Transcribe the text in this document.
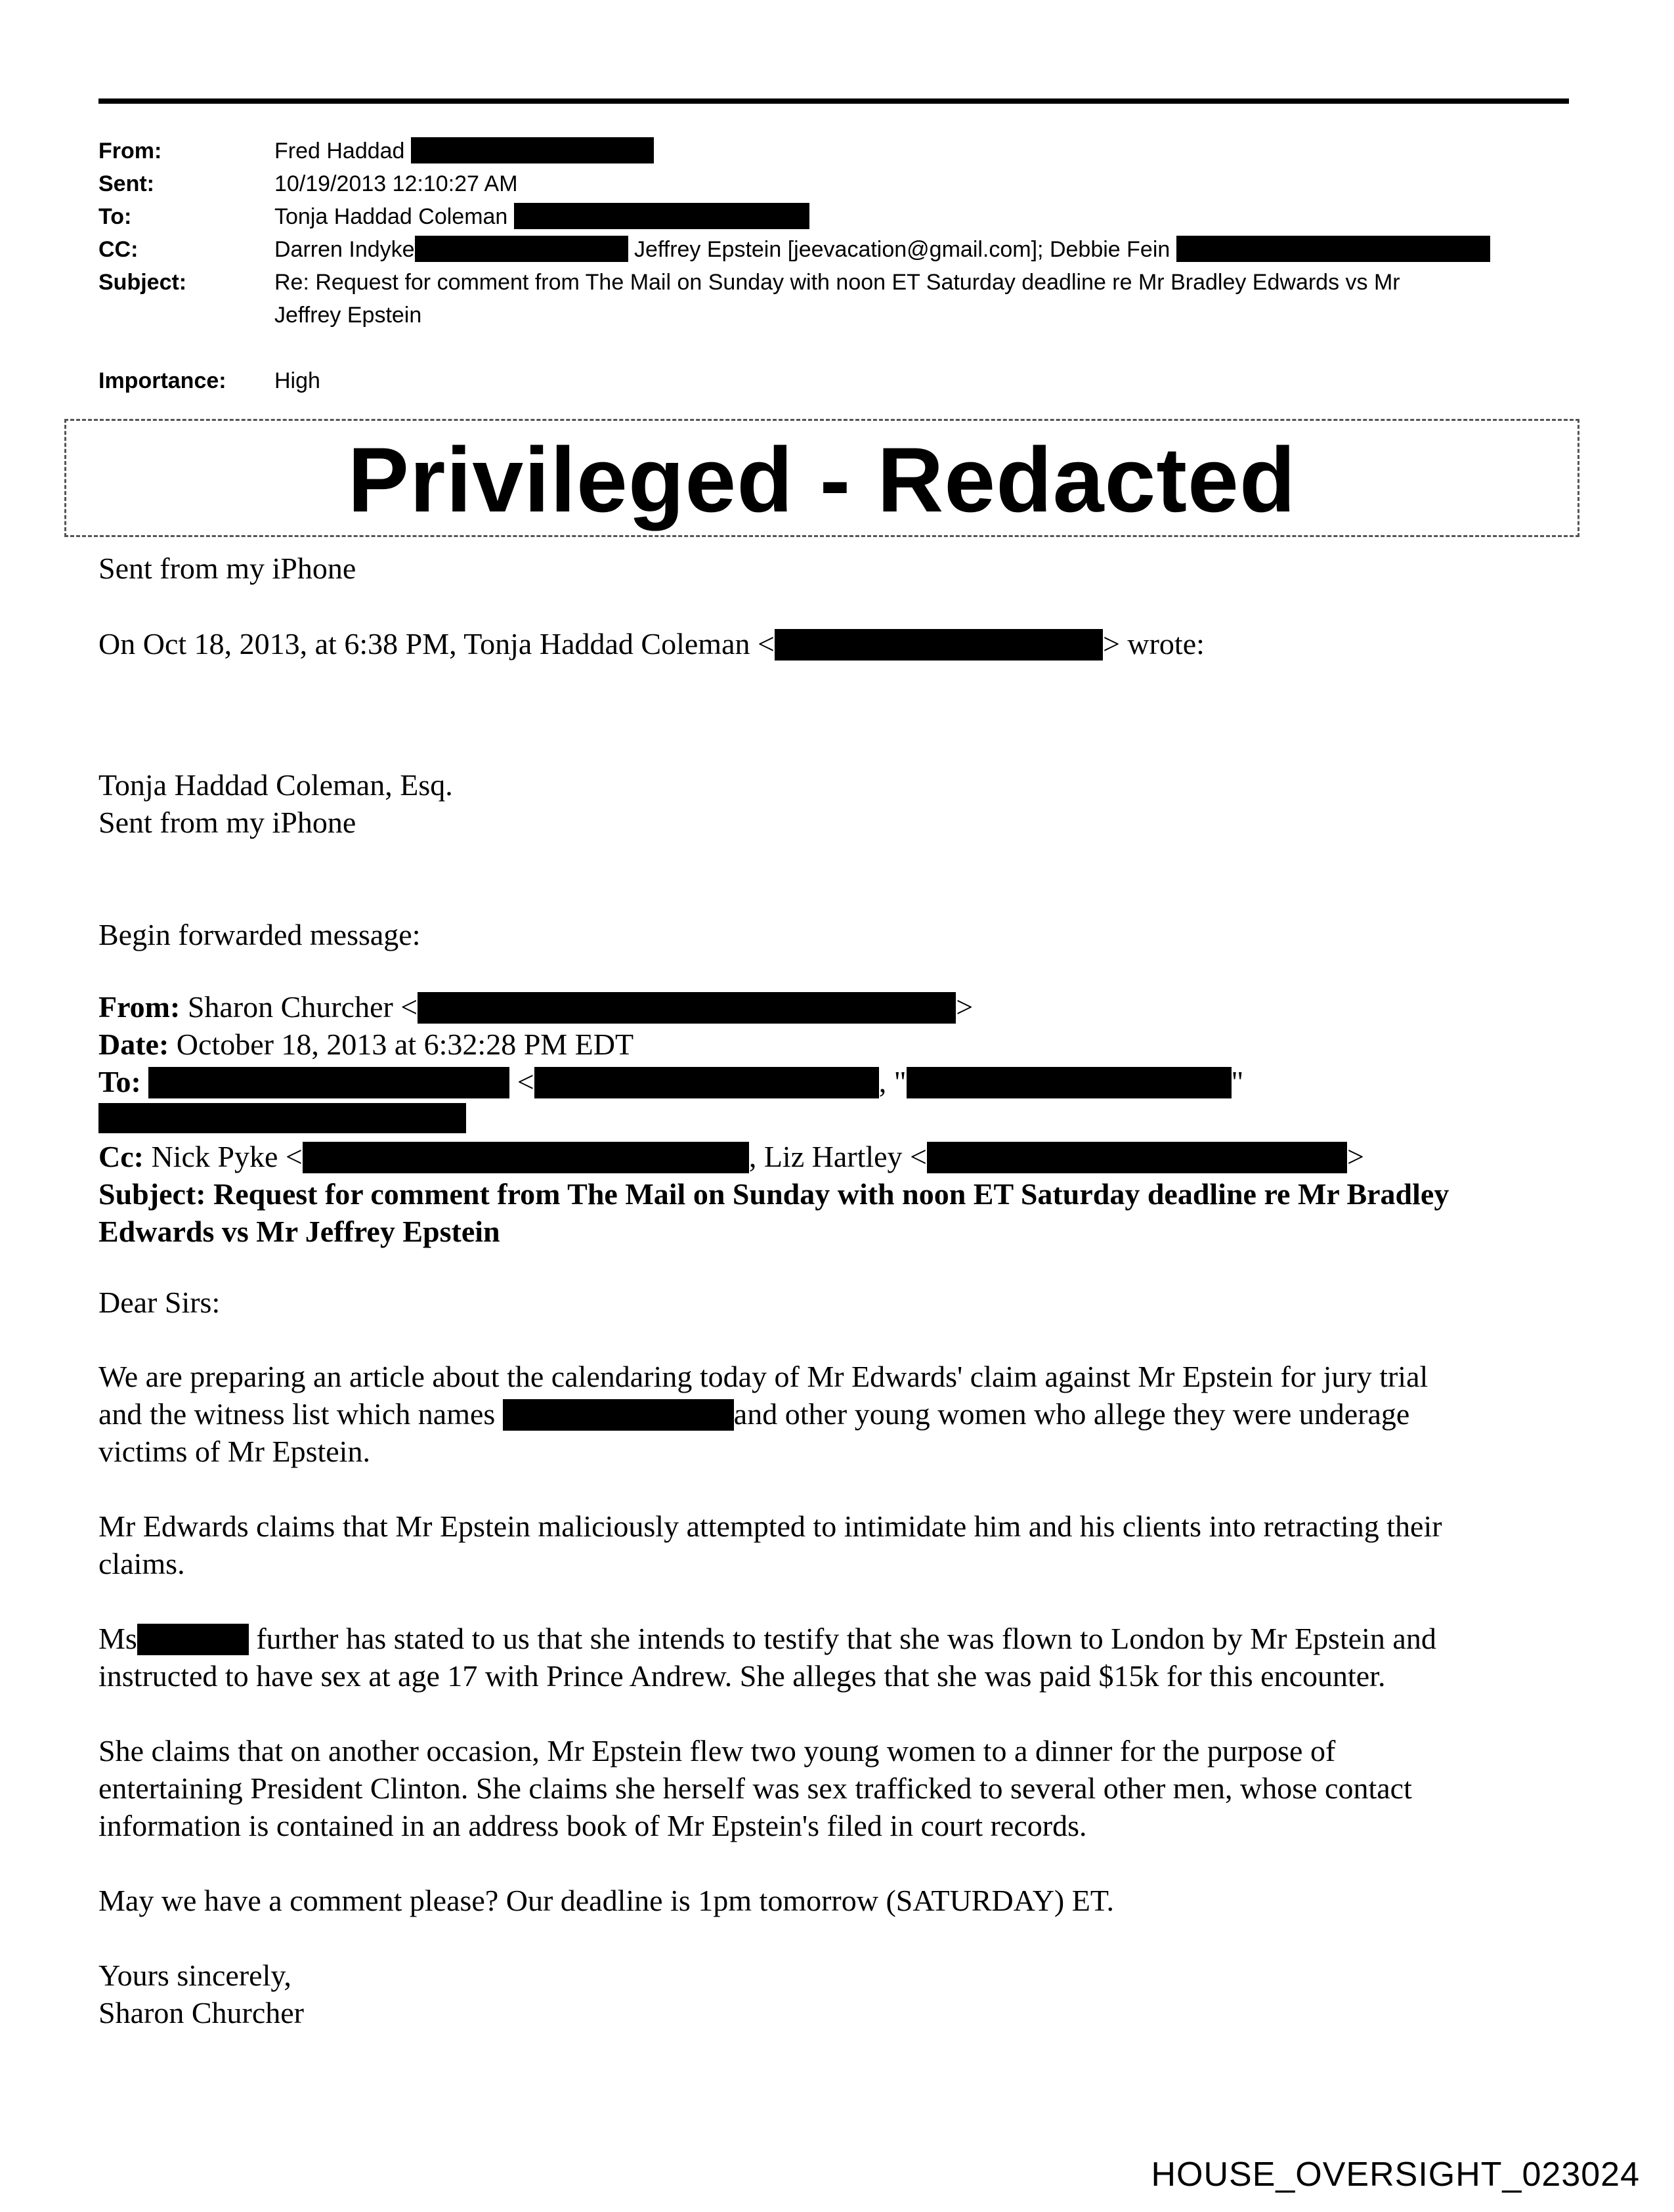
From:	Fred Haddad
Sent:	10/19/2013 12:10:27 AM
To:	Tonja Haddad Coleman
CC:	Darren Indyke	Jeffrey Epstein [jeevacation@gmail.com]; Debbie Fein
Subject:	Re: Request for comment from The Mail on Sunday with noon ET Saturday deadline re Mr Bradley Edwards vs Mr
Jeffrey Epstein
Importance: High
Privileged - Redacted
Sent from my iPhone
On Oct 18, 2013, at 6:38 PM, Tonja Haddad Coleman <	> wrote:
Tonja Haddad Coleman, Esq.
Sent from my iPhone
Begin forwarded message:
From: Sharon Churcher <	>
Date: October 18, 2013 at 6:32:28 PM EDT
To:	<	, "	"
Cc: Nick Pyke <	, Liz Hartley <	>
Subject: Request for comment from The Mail on Sunday with noon ET Saturday deadline re Mr Bradley
Edwards vs Mr Jeffrey Epstein
Dear Sirs:
We are preparing an article about the calendaring today of Mr Edwards' claim against Mr Epstein for jury trial
and the witness list which names	and other young women who allege they were underage
victims of Mr Epstein.
Mr Edwards claims that Mr Epstein maliciously attempted to intimidate him and his clients into retracting their
claims.
Ms	further has stated to us that she intends to testify that she was flown to London by Mr Epstein and
instructed to have sex at age 17 with Prince Andrew. She alleges that she was paid $15k for this encounter.
She claims that on another occasion, Mr Epstein flew two young women to a dinner for the purpose of
entertaining President Clinton. She claims she herself was sex trafficked to several other men, whose contact
information is contained in an address book of Mr Epstein's filed in court records.
May we have a comment please? Our deadline is 1pm tomorrow (SATURDAY) ET.
Yours sincerely,
Sharon Churcher
HOUSE_OVERSIGHT_023024
